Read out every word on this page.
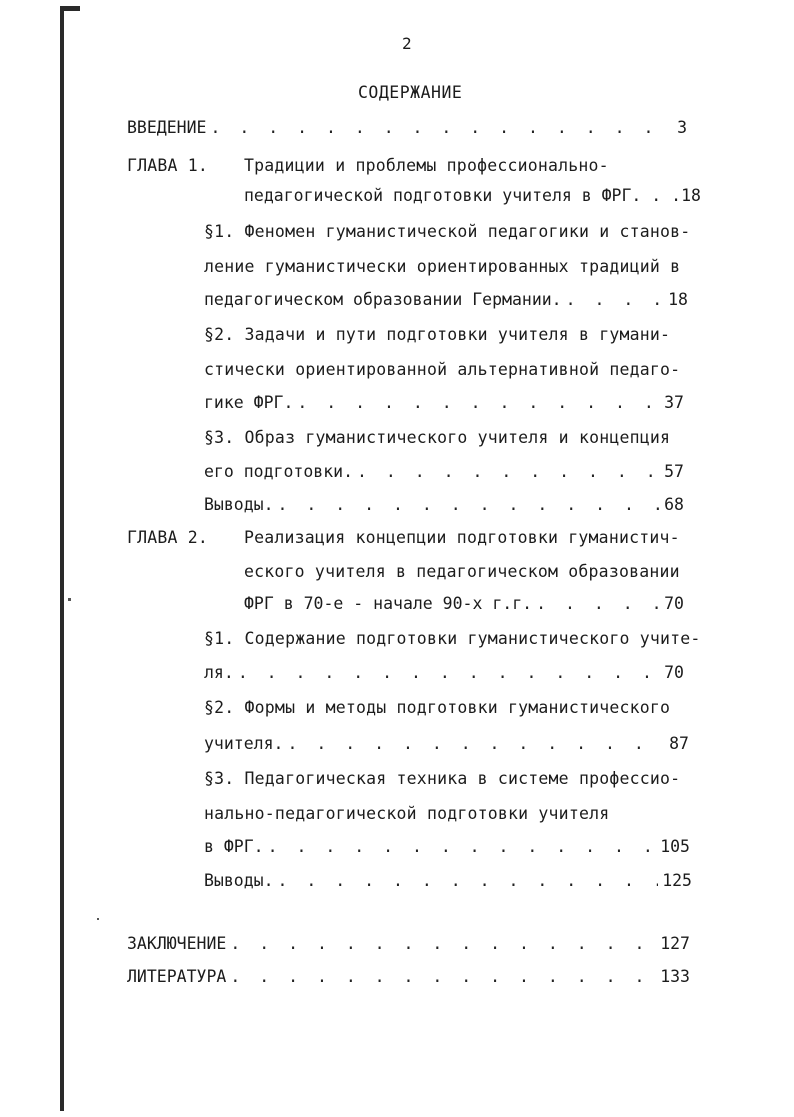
2
СОДЕРЖАНИЕ
ВВЕДЕНИЕ . . .	3
ГЛАВА 1. Традиции и проблемы профессионально-
педагогической подготовки учителя в ФРГ. . . 18
§1. Феномен гуманистической педагогики и станов-
ление гуманистически ориентированных традиций в
педагогическом образовании Германии. . . .	18
§2. Задачи и пути подготовки учителя в гумани-
стически ориентированной альтернативной педаго-
гике ФРГ. . . .	37
§3. Образ гуманистического учителя и концепция
его подготовки. . . .	57
Выводы. . . .	68
ГЛАВА 2. Реализация концепции подготовки гуманистич-
еского учителя в педагогическом образовании
ФРГ в 70-е - начале 90-х г.г. . . .	70
§1. Содержание подготовки гуманистического учите-
ля. . . .	70
§2. Формы и методы подготовки гуманистического
учителя. . . .	87
§3. Педагогическая техника в системе профессио-
нально-педагогической подготовки учителя
в ФРГ. . . .	105
Выводы. . . .	125
ЗАКЛЮЧЕНИЕ . . .	127
ЛИТЕРАТУРА . . .	133
